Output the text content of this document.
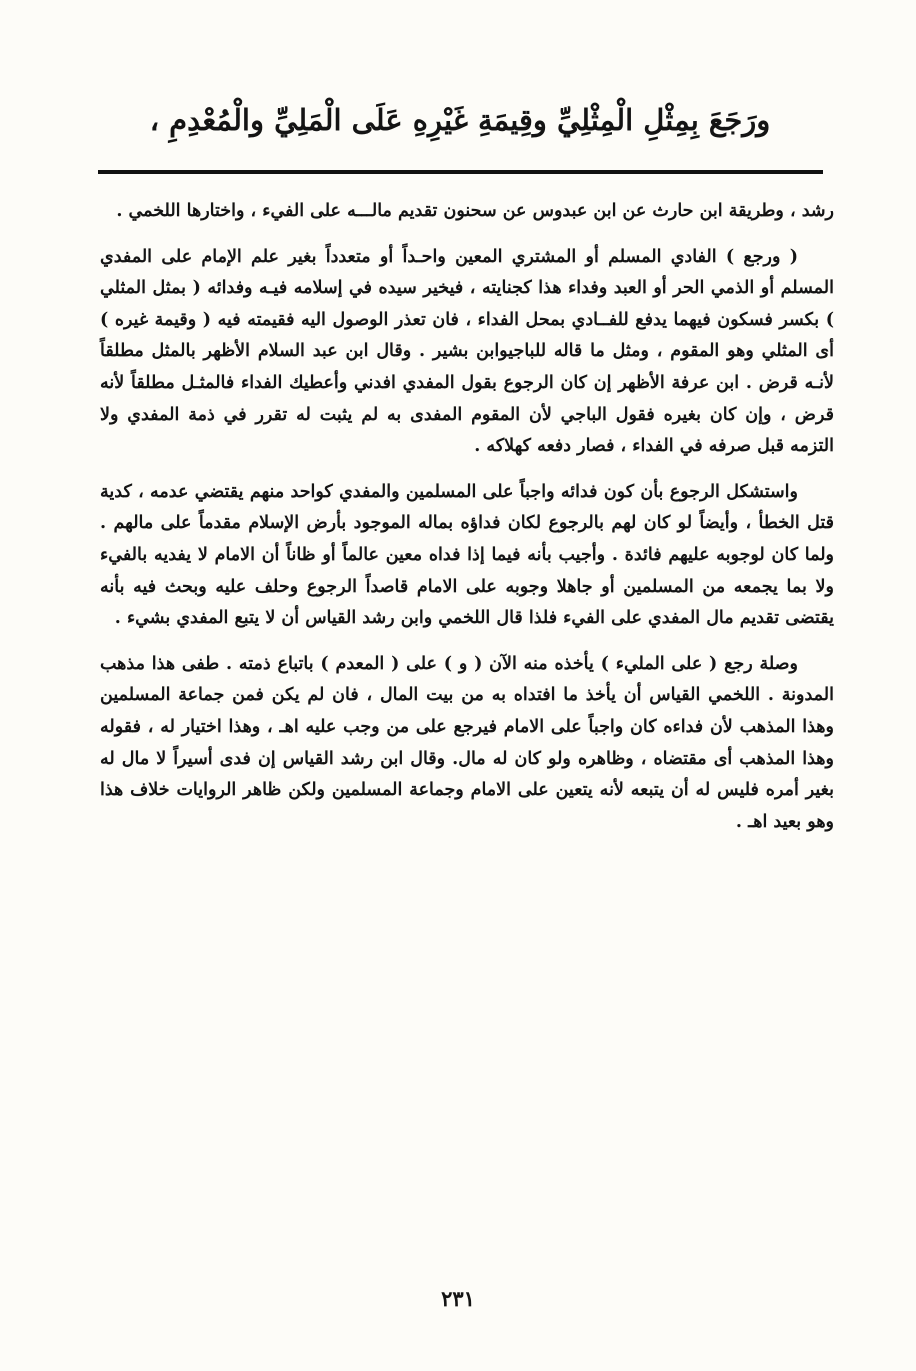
ورَجَعَ بِمِثْلِ الْمِثْلِيِّ وقِيمَةِ غَيْرِهِ عَلَى الْمَلِيِّ والْمُعْدِمِ ،

رشد ، وطريقة ابن حارث عن ابن عبدوس عن سحنون تقديم مالـــه على الفيء ، واختارها اللخمي .

( ورجع ) الفادي المسلم أو المشتري المعين واحـداً أو متعدداً بغير علم الإمام على المفدي المسلم أو الذمي الحر أو العبد وفداء هذا كجنايته ، فيخير سيده في إسلامه فيـه وفدائه ( بمثل المثلي ) بكسر فسكون فيهما يدفع للفــادي بمحل الفداء ، فان تعذر الوصول اليه فقيمته فيه ( وقيمة غيره ) أى المثلي وهو المقوم ، ومثل ما قاله للباجيوابن بشير . وقال ابن عبد السلام الأظهر بالمثل مطلقاً لأنـه قرض . ابن عرفة الأظهر إن كان الرجوع بقول المفدي افدني وأعطيك الفداء فالمثـل مطلقاً لأنه قرض ، وإن كان بغيره فقول الباجي لأن المقوم المفدى به لم يثبت له تقرر في ذمة المفدي ولا التزمه قبل صرفه في الفداء ، فصار دفعه كهلاكه .

واستشكل الرجوع بأن كون فدائه واجباً على المسلمين والمفدي كواحد منهم يقتضي عدمه ، كدية قتل الخطأ ، وأيضاً لو كان لهم بالرجوع لكان فداؤه بماله الموجود بأرض الإسلام مقدماً على مالهم . ولما كان لوجوبه عليهم فائدة . وأجيب بأنه فيما إذا فداه معين عالماً أو ظاناً أن الامام لا يفديه بالفيء ولا بما يجمعه من المسلمين أو جاهلا وجوبه على الامام قاصداً الرجوع وحلف عليه وبحث فيه بأنه يقتضى تقديم مال المفدي على الفيء فلذا قال اللخمي وابن رشد القياس أن لا يتبع المفدي بشيء .

وصلة رجع ( على المليء ) يأخذه منه الآن ( و ) على ( المعدم ) باتباع ذمته . طفى هذا مذهب المدونة . اللخمي القياس أن يأخذ ما افتداه به من بيت المال ، فان لم يكن فمن جماعة المسلمين وهذا المذهب لأن فداءه كان واجباً على الامام فيرجع على من وجب عليه اهـ ، وهذا اختيار له ، فقوله وهذا المذهب أى مقتضاه ، وظاهره ولو كان له مال. وقال ابن رشد القياس إن فدى أسيراً لا مال له بغير أمره فليس له أن يتبعه لأنه يتعين على الامام وجماعة المسلمين ولكن ظاهر الروايات خلاف هذا وهو بعيد اهـ .

٢٣١
